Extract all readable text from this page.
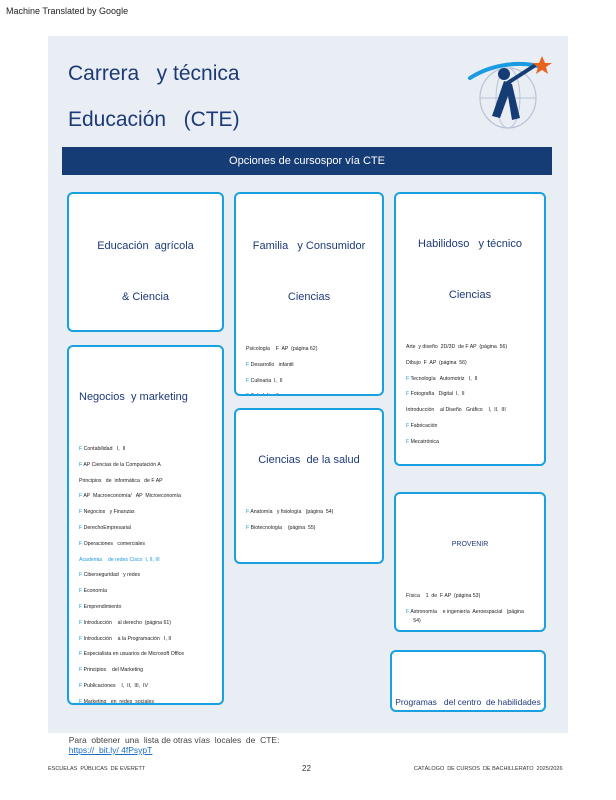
Machine Translated by Google
Carrera   y técnica
Educación   (CTE)
Opciones de cursospor vía CTE

Educación  agrícola

& Ciencia

Negocios  y marketing

F Contabilidad   I,  II
F AP Ciencias de la Computación A
Principios   de  informática   de F AP
F AP  Macroeconomía/   AP  Microeconomía
F Negocios   y Finanzas
F DerechoEmpresarial
F Operaciones   comerciales
Academia    de redes Cisco  I, II, III
F Ciberseguridad   y redes
F Economía
F Emprendimiento
F Introducción    al derecho  (página 61)
F Introducción    a la Programación   I, II
F Especialista en usuarios de Microsoft Office
F Principios    del Marketing
F Publicaciones    I,  II,  III,  IV
F Marketing   en  redes  sociales

Familia   y Consumidor

Ciencias

Psicología    F  AP  (página 62)
F Desarrollo   infantil
F Culinaria  I,  II

Ciencias  de la salud

F Anatomía   y fisiología   (página  54)
F Biotecnología    (página  55)

Habilidoso   y técnico

Ciencias

Arte  y diseño  2D/3D  de F AP  (página  56)
Dibujo  F  AP  (página  56)
F Tecnología   Automotriz   I,  II
F Fotografía   Digital  I,  II
Introducción    al Diseño   Gráfico    I,  II,  III
F Fabricación
F Mecatrónica

PROVENIR

Física    1  de  F AP  (página 53)
F Astronomía    e ingeniería  Aeroespacial   (página
54)

Programas   del centro  de habilidades

Para  obtener  una  lista de otras vías  locales  de  CTE:
https://  bit.ly/ 4fPsypT

ESCUELAS  PÚBLICAS  DE EVERETT	22	CATÁLOGO  DE CURSOS  DE BACHILLERATO  2025/2026
